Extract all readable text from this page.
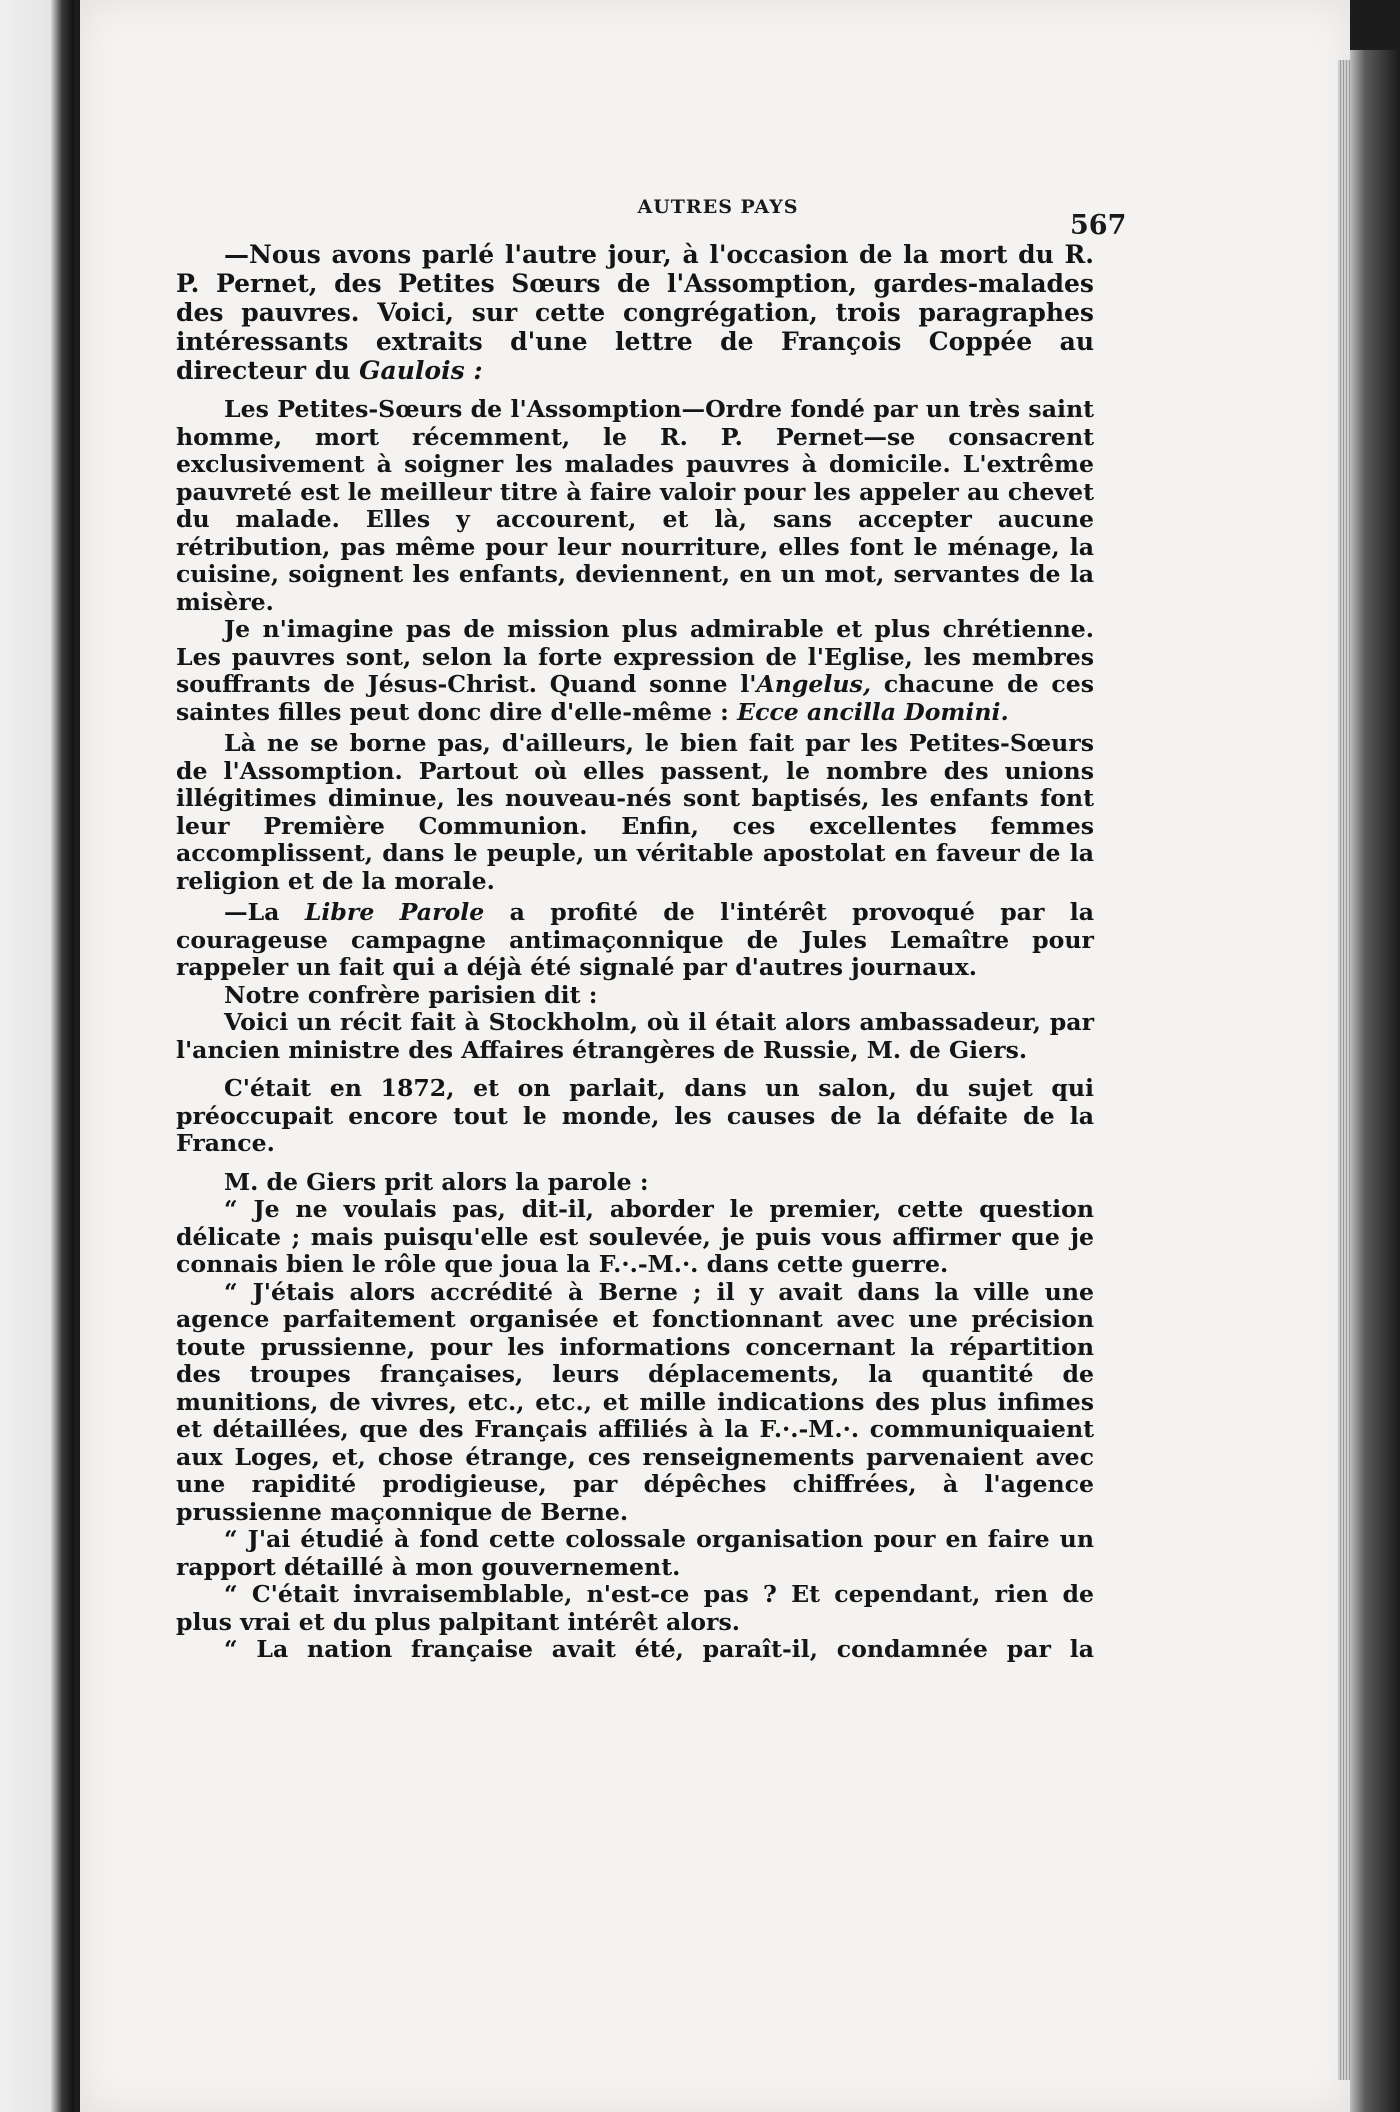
AUTRES PAYS
567

—Nous avons parlé l'autre jour, à l'occasion de la mort du R. P. Pernet, des Petites Sœurs de l'Assomption, gardes-malades des pauvres. Voici, sur cette congrégation, trois paragraphes intéressants extraits d'une lettre de François Coppée au directeur du Gaulois :

Les Petites-Sœurs de l'Assomption—Ordre fondé par un très saint homme, mort récemment, le R. P. Pernet—se consacrent exclusivement à soigner les malades pauvres à domicile. L'extrême pauvreté est le meilleur titre à faire valoir pour les appeler au chevet du malade. Elles y accourent, et là, sans accepter aucune rétribution, pas même pour leur nourriture, elles font le ménage, la cuisine, soignent les enfants, deviennent, en un mot, servantes de la misère.

Je n'imagine pas de mission plus admirable et plus chrétienne. Les pauvres sont, selon la forte expression de l'Eglise, les membres souffrants de Jésus-Christ. Quand sonne l'Angelus, chacune de ces saintes filles peut donc dire d'elle-même : Ecce ancilla Domini.

Là ne se borne pas, d'ailleurs, le bien fait par les Petites-Sœurs de l'Assomption. Partout où elles passent, le nombre des unions illégitimes diminue, les nouveau-nés sont baptisés, les enfants font leur Première Communion. Enfin, ces excellentes femmes accomplissent, dans le peuple, un véritable apostolat en faveur de la religion et de la morale.

—La Libre Parole a profité de l'intérêt provoqué par la courageuse campagne antimaçonnique de Jules Lemaître pour rappeler un fait qui a déjà été signalé par d'autres journaux.

Notre confrère parisien dit :

Voici un récit fait à Stockholm, où il était alors ambassadeur, par l'ancien ministre des Affaires étrangères de Russie, M. de Giers.

C'était en 1872, et on parlait, dans un salon, du sujet qui préoccupait encore tout le monde, les causes de la défaite de la France.

M. de Giers prit alors la parole :

“ Je ne voulais pas, dit-il, aborder le premier, cette question délicate ; mais puisqu'elle est soulevée, je puis vous affirmer que je connais bien le rôle que joua la F.·.-M.·. dans cette guerre.

“ J'étais alors accrédité à Berne ; il y avait dans la ville une agence parfaitement organisée et fonctionnant avec une précision toute prussienne, pour les informations concernant la répartition des troupes françaises, leurs déplacements, la quantité de munitions, de vivres, etc., etc., et mille indications des plus infimes et détaillées, que des Français affiliés à la F.·.-M.·. communiquaient aux Loges, et, chose étrange, ces renseignements parvenaient avec une rapidité prodigieuse, par dépêches chiffrées, à l'agence prussienne maçonnique de Berne.

“ J'ai étudié à fond cette colossale organisation pour en faire un rapport détaillé à mon gouvernement.

“ C'était invraisemblable, n'est-ce pas ? Et cependant, rien de plus vrai et du plus palpitant intérêt alors.

“ La nation française avait été, paraît-il, condamnée par la
